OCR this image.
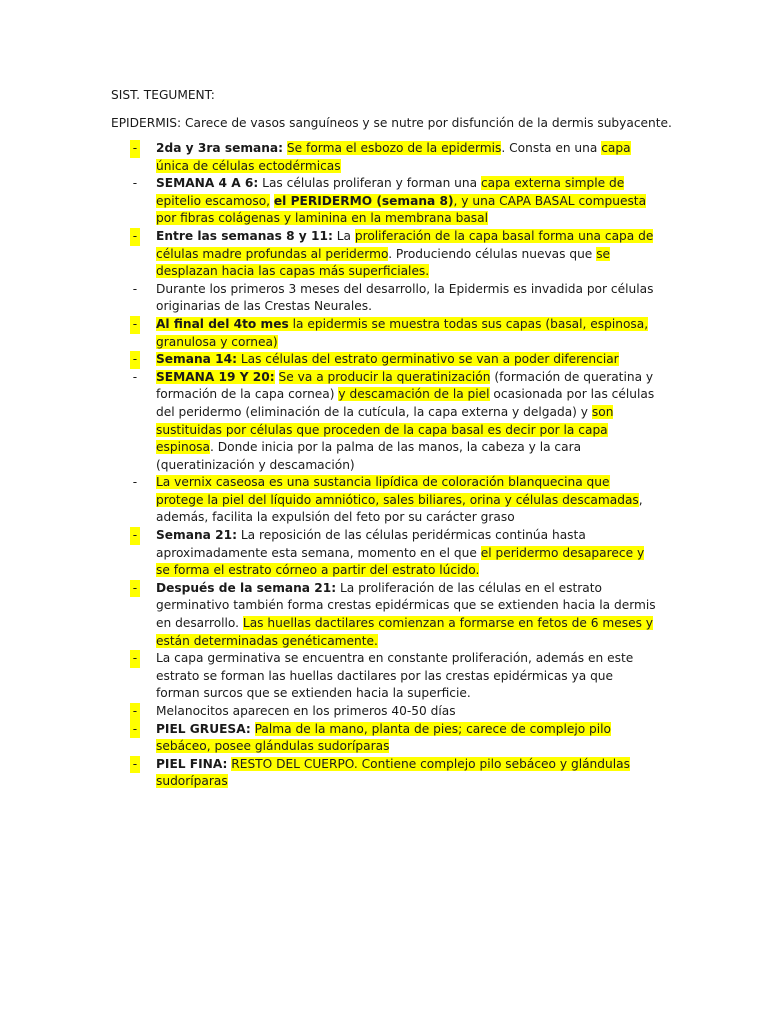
SIST. TEGUMENT:
EPIDERMIS: Carece de vasos sanguíneos y se nutre por disfunción de la dermis subyacente.
- 2da y 3ra semana: Se forma el esbozo de la epidermis. Consta en una capa única de células ectodérmicas
- SEMANA 4 A 6: Las células proliferan y forman una capa externa simple de epitelio escamoso, el PERIDERMO (semana 8), y una CAPA BASAL compuesta por fibras colágenas y laminina en la membrana basal
- Entre las semanas 8 y 11: La proliferación de la capa basal forma una capa de células madre profundas al peridermo. Produciendo células nuevas que se desplazan hacia las capas más superficiales.
- Durante los primeros 3 meses del desarrollo, la Epidermis es invadida por células originarias de las Crestas Neurales.
- Al final del 4to mes la epidermis se muestra todas sus capas (basal, espinosa, granulosa y cornea)
- Semana 14: Las células del estrato germinativo se van a poder diferenciar
- SEMANA 19 Y 20: Se va a producir la queratinización (formación de queratina y formación de la capa cornea) y descamación de la piel ocasionada por las células del peridermo (eliminación de la cutícula, la capa externa y delgada) y son sustituidas por células que proceden de la capa basal es decir por la capa espinosa. Donde inicia por la palma de las manos, la cabeza y la cara (queratinización y descamación)
- La vernix caseosa es una sustancia lipídica de coloración blanquecina que protege la piel del líquido amniótico, sales biliares, orina y células descamadas, además, facilita la expulsión del feto por su carácter graso
- Semana 21: La reposición de las células peridérmicas continúa hasta aproximadamente esta semana, momento en el que el peridermo desaparece y se forma el estrato córneo a partir del estrato lúcido.
- Después de la semana 21: La proliferación de las células en el estrato germinativo también forma crestas epidérmicas que se extienden hacia la dermis en desarrollo. Las huellas dactilares comienzan a formarse en fetos de 6 meses y están determinadas genéticamente.
- La capa germinativa se encuentra en constante proliferación, además en este estrato se forman las huellas dactilares por las crestas epidérmicas ya que forman surcos que se extienden hacia la superficie.
- Melanocitos aparecen en los primeros 40-50 días
- PIEL GRUESA: Palma de la mano, planta de pies; carece de complejo pilo sebáceo, posee glándulas sudoríparas
- PIEL FINA: RESTO DEL CUERPO. Contiene complejo pilo sebáceo y glándulas sudoríparas
